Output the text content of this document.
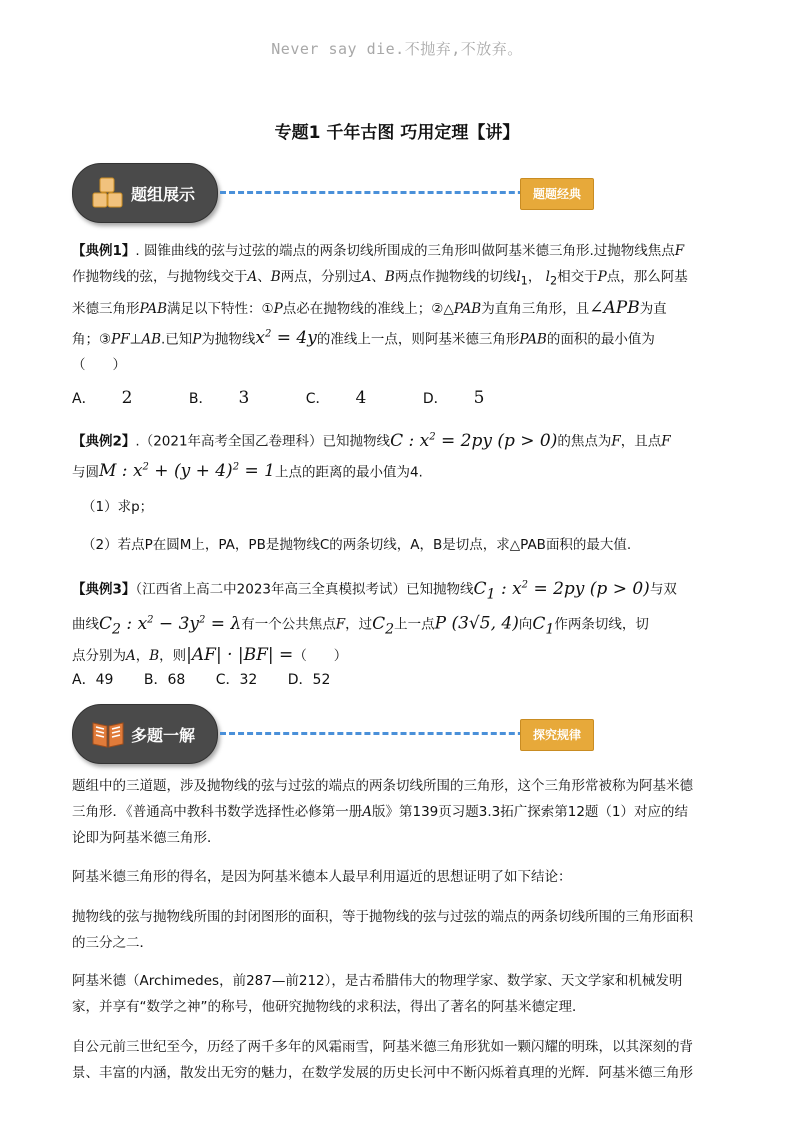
Never say die.不抛弃,不放弃。
专题1 千年古图 巧用定理【讲】
题组展示	题题经典
【典例1】. 圆锥曲线的弦与过弦的端点的两条切线所围成的三角形叫做阿基米德三角形.过抛物线焦点F
作抛物线的弦，与抛物线交于A、B两点，分别过A、B两点作抛物线的切线$l_1$， $l_2$相交于P点，那么阿基
米德三角形PAB满足以下特性：①P点必在抛物线的准线上；②△PAB为直角三角形，且∠APB为直
角；③PF⊥AB.已知P为抛物线$x^2 = 4y$的准线上一点，则阿基米德三角形PAB的面积的最小值为
（　　）
A． 2	B． 3	C． 4	D． 5
【典例2】.（2021年高考全国乙卷理科）已知抛物线C : $x^2 = 2py$ (p > 0)的焦点为F，且点F
与圆M : $x^2 + (y + 4)^2 = 1$上点的距离的最小值为4.
（1）求p；
（2）若点P在圆M上，PA，PB是抛物线C的两条切线，A，B是切点，求△PAB面积的最大值.
【典例3】（江西省上高二中2023年高三全真模拟考试）已知抛物线$C_1$ : $x^2 = 2py$ (p > 0)与双
曲线$C_2$ : $x^2 - 3y^2 = \lambda$有一个公共焦点F，过$C_2$上一点P (3√5, 4)向$C_1$作两条切线，切
点分别为A，B，则|AF| · |BF| =（　　）
A．49 B．68 C．32 D．52
多题一解	探究规律
题组中的三道题，涉及抛物线的弦与过弦的端点的两条切线所围的三角形，这个三角形常被称为阿基米德
三角形．《普通高中教科书数学选择性必修第一册A版》第139页习题3.3拓广探索第12题（1）对应的结
论即为阿基米德三角形．
阿基米德三角形的得名，是因为阿基米德本人最早利用逼近的思想证明了如下结论：
抛物线的弦与抛物线所围的封闭图形的面积，等于抛物线的弦与过弦的端点的两条切线所围的三角形面积
的三分之二．
阿基米德（Archimedes，前287—前212），是古希腊伟大的物理学家、数学家、天文学家和机械发明
家，并享有“数学之神”的称号，他研究抛物线的求积法，得出了著名的阿基米德定理．
自公元前三世纪至今，历经了两千多年的风霜雨雪，阿基米德三角形犹如一颗闪耀的明珠，以其深刻的背
景、丰富的内涵，散发出无穷的魅力，在数学发展的历史长河中不断闪烁着真理的光辉．阿基米德三角形
